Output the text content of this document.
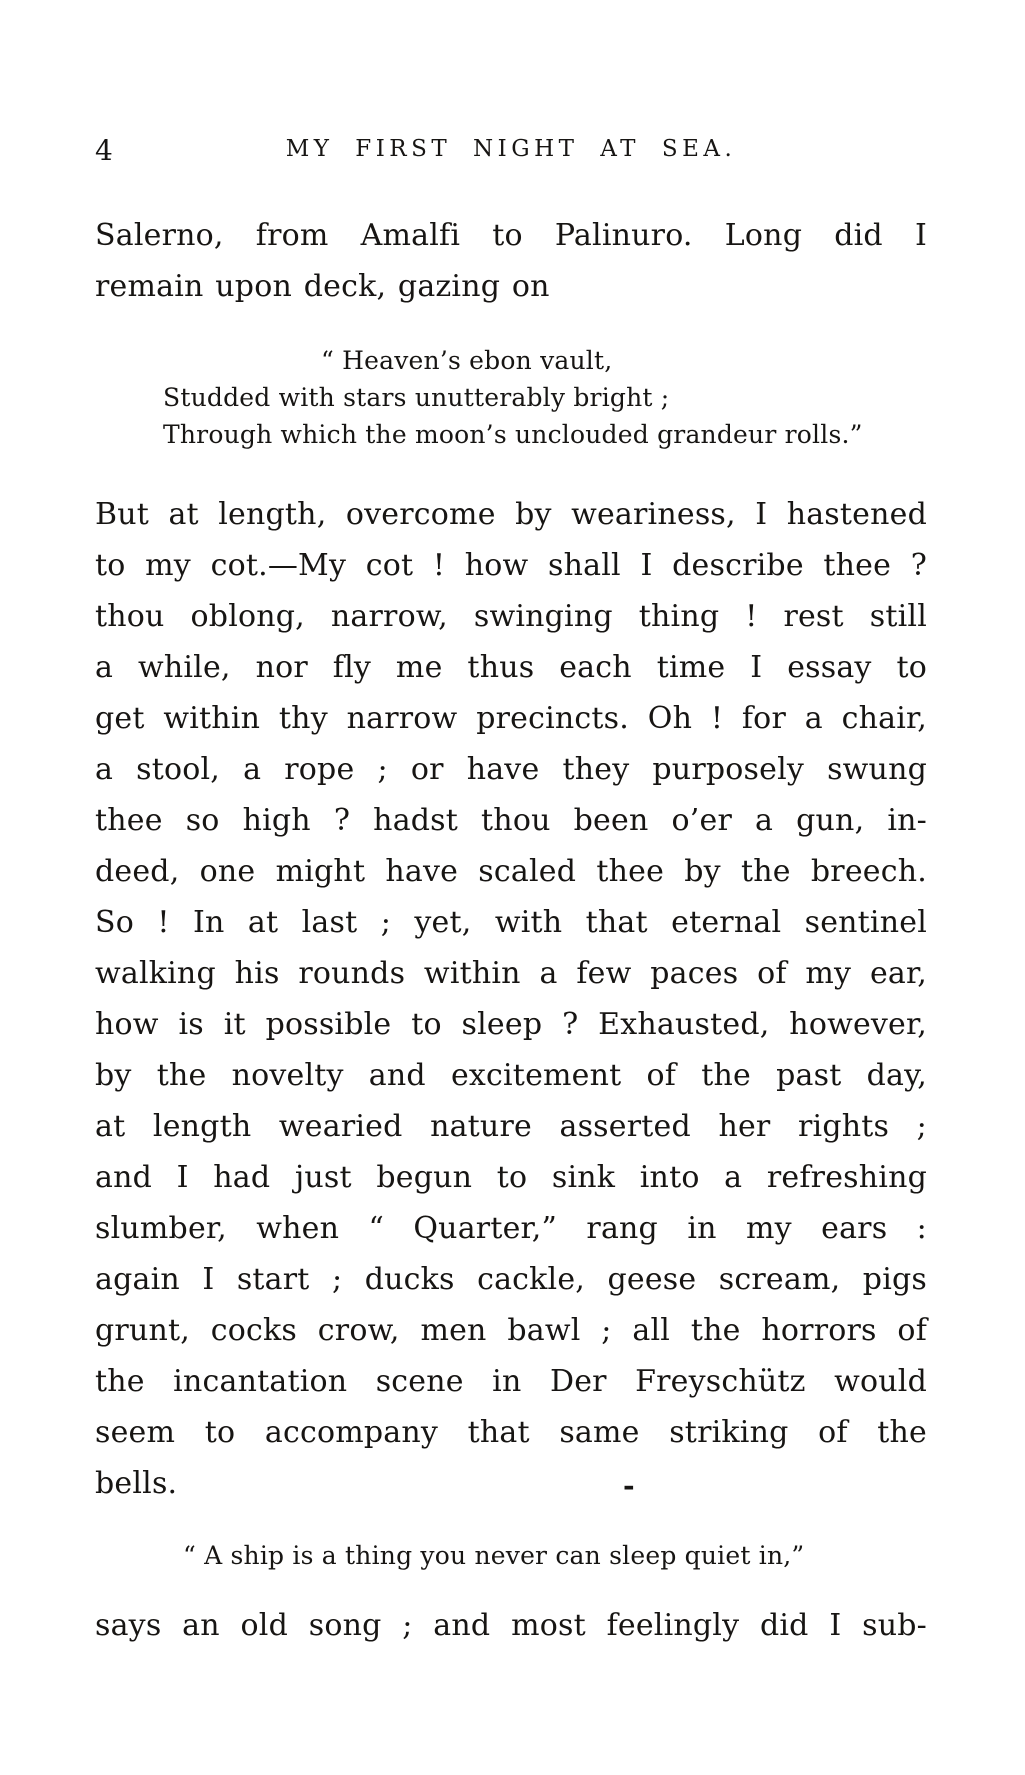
4	MY FIRST NIGHT AT SEA.
Salerno, from Amalfi to Palinuro. Long did I
remain upon deck, gazing on
“ Heaven’s ebon vault,
Studded with stars unutterably bright ;
Through which the moon’s unclouded grandeur rolls.”
But at length, overcome by weariness, I hastened
to my cot.—My cot ! how shall I describe thee ?
thou oblong, narrow, swinging thing ! rest still
a while, nor fly me thus each time I essay to
get within thy narrow precincts. Oh ! for a chair,
a stool, a rope ; or have they purposely swung
thee so high ? hadst thou been o’er a gun, in-
deed, one might have scaled thee by the breech.
So ! In at last ; yet, with that eternal sentinel
walking his rounds within a few paces of my ear,
how is it possible to sleep ? Exhausted, however,
by the novelty and excitement of the past day,
at length wearied nature asserted her rights ;
and I had just begun to sink into a refreshing
slumber, when “ Quarter,” rang in my ears :
again I start ; ducks cackle, geese scream, pigs
grunt, cocks crow, men bawl ; all the horrors of
the incantation scene in Der Freyschütz would
seem to accompany that same striking of the
bells.	-
“ A ship is a thing you never can sleep quiet in,”
says an old song ; and most feelingly did I sub-
